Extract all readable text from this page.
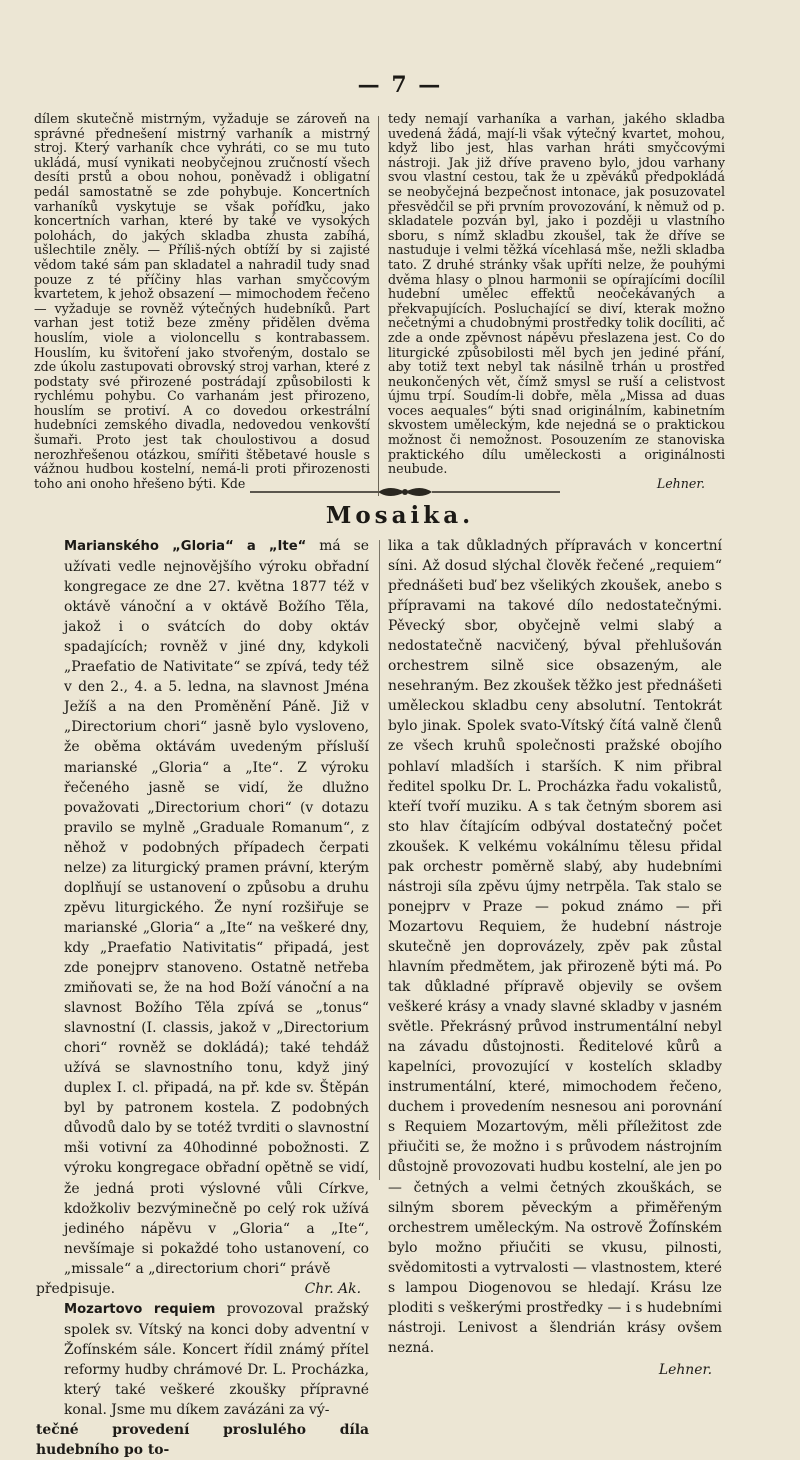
— 7 —

dílem skutečně mistrným, vyžaduje se zároveň na správné přednešení mistrný varhaník a mistrný stroj. Který varhaník chce vyhráti, co se mu tuto ukládá, musí vynikati neobyčejnou zručností všech desíti prstů a obou nohou, poněvadž i obligatní pedál samostatně se zde pohybuje. Koncertních varhaníků vyskytuje se však poříďku, jako koncertních varhan, které by také ve vysokých polohách, do jakých skladba zhusta zabíhá, ušlechtile zněly. — Příliš-ných obtíží by si zajisté vědom také sám pan skladatel a nahradil tudy snad pouze z té příčiny hlas varhan smyčcovým kvartetem, k jehož obsazení — mimochodem řečeno — vyžaduje se rovněž výtečných hudebníků. Part varhan jest totiž beze změny přidělen dvěma houslím, viole a violoncellu s kontrabassem. Houslím, ku švitoření jako stvořeným, dostalo se zde úkolu zastupovati obrovský stroj varhan, které z podstaty své přirozené postrádají způsobilosti k rychlému pohybu. Co varhanám jest přirozeno, houslím se protiví. A co dovedou orkestrální hudebníci zemského divadla, nedovedou venkovští šumaři. Proto jest tak choulostivou a dosud nerozhřešenou otázkou, smířiti štěbetavé housle s vážnou hudbou kostelní, nemá-li proti přirozenosti toho ani onoho hřešeno býti. Kde

tedy nemají varhaníka a varhan, jakého skladba uvedená žádá, mají-li však výtečný kvartet, mohou, když libo jest, hlas varhan hráti smyčcovými nástroji. Jak již dříve praveno bylo, jdou varhany svou vlastní cestou, tak že u zpěváků předpokládá se neobyčejná bezpečnost intonace, jak posuzovatel přesvědčil se při prvním provozování, k němuž od p. skladatele pozván byl, jako i později u vlastního sboru, s nímž skladbu zkoušel, tak že dříve se nastudujе i velmi těžká vícehlasá mše, nežli skladba tato. Z druhé stránky však upříti nelze, že pouhými dvěma hlasy o plnou harmonii se opírajícími docílil hudební umělec effektů neočekávaných a překvapujících. Posluchající se diví, kterak možno nečetnými a chudobnými prostředky tolik docíliti, ač zde a onde zpěvnost nápěvu přeslazena jest. Co do liturgické způsobilosti měl bych jen jediné přání, aby totiž text nebyl tak násilně trhán u prostřed neukončených vět, čímž smysl se ruší a celistvost újmu trpí. Soudím-li dobře, měla „Missa ad duas voces aequales“ býti snad originálním, kabinetním skvostem uměleckým, kde nejedná se o praktickou možnost či nemožnost. Posouzením ze stanoviska praktického dílu uměleckosti a originálnosti neubude.

Lehner.

Mosaika.

Marianského „Gloria“ a „Ite“ má se užívati vedle nejnovějšího výroku obřadní kongregace ze dne 27. května 1877 též v oktávě vánoční a v oktávě Božího Těla, jakož i o svátcích do doby oktáv spadajících; rovněž v jiné dny, kdykoli „Praefatio de Nativitate“ se zpívá, tedy též v den 2., 4. a 5. ledna, na slavnost Jména Ježíš a na den Proměnění Páně. Již v „Directorium chori“ jasně bylo vysloveno, že oběma oktávám uvedeným přísluší marianské „Gloria“ a „Ite“. Z výroku řečeného jasně se vidí, že dlužno považovati „Directorium chori“ (v dotazu pravilo se mylně „Graduale Romanum“, z něhož v podobných případech čerpati nelze) za liturgický pramen právní, kterým doplňují se ustanovení o způsobu a druhu zpěvu liturgického. Že nyní rozšiřuje se marianské „Gloria“ a „Ite“ na veškeré dny, kdy „Praefatio Nativitatis“ připadá, jest zde ponejprv stanoveno. Ostatně netřeba zmiňovati se, že na hod Boží vánoční a na slavnost Božího Těla zpívá se „tonus“ slavnostní (I. classis, jakož v „Directorium chori“ rovněž se dokládá); také tehdáž užívá se slavnostního tonu, když jiný duplex I. cl. připadá, na př. kde sv. Štěpán byl by patronem kostela. Z podobných důvodů dalo by se totéž tvrditi o slavnostní mši votivní za 40hodinné pobožnosti. Z výroku kongregace obřadní opětně se vidí, že jedná proti výslovné vůli Církve, kdožkoliv bezvýminečně po celý rok užívá jediného nápěvu v „Gloria“ a „Ite“, nevšímaje si pokaždé toho ustanovení, co „missale“ a „directorium chori“ právě

předpisuje.	Chr. Ak.

Mozartovo requiem provozoval pražský spolek sv. Vítský na konci doby adventní v Žofínském sále. Koncert řídil známý přítel reformy hudby chrámové Dr. L. Procházka, který také veškeré zkoušky přípravné konal. Jsme mu díkem zavázáni za vý-

tečné provedení proslulého díla hudebního po to-

lika a tak důkladných přípravách v koncertní síni. Až dosud slýchal člověk řečené „requiem“ přednášeti buď bez všelikých zkoušek, anebo s přípravami na takové dílo nedostatečnými. Pěvecký sbor, obyčejně velmi slabý a nedostatečně nacvičený, býval přehlušován orchestrem silně sice obsazeným, ale nesehraným. Bez zkoušek těžko jest přednášeti uměleckou skladbu ceny absolutní. Tentokrát bylo jinak. Spolek svato-Vítský čítá valně členů ze všech kruhů společnosti pražské obojího pohlaví mladších i starších. K nim přibral ředitel spolku Dr. L. Procházka řadu vokalistů, kteří tvoří muziku. A s tak četným sborem asi sto hlav čítajícím odbýval dostatečný počet zkoušek. K velkému vokálnímu tělesu přidal pak orchestr poměrně slabý, aby hudebními nástroji síla zpěvu újmy netrpěla. Tak stalo se ponejprv v Praze — pokud známo — při Mozartovu Requiem, že hudební nástroje skutečně jen doprovázely, zpěv pak zůstal hlavním předmětem, jak přirozeně býti má. Po tak důkladné přípravě objevily se ovšem veškeré krásy a vnady slavné skladby v jasném světle. Překrásný průvod instrumentální nebyl na závadu důstojnosti. Ředitelové kůrů a kapelníci, provozující v kostelích skladby instrumentální, které, mimochodem řečeno, duchem i provedením nesnesou ani porovnání s Requiem Mozartovým, měli příležitost zde přiučiti se, že možno i s průvodem nástrojním důstojně provozovati hudbu kostelní, ale jen po — četných a velmi četných zkouškách, se silným sborem pěveckým a přiměřeným orchestrem uměleckým. Na ostrově Žofínském bylo možno přiučiti se vkusu, pilnosti, svědomitosti a vytrvalosti — vlastnostem, které s lampou Diogenovou se hledají. Krásu lze ploditi s veškerými prostředky — i s hudebními nástroji. Lenivost a šlendrián krásy ovšem nezná.

Lehner.
